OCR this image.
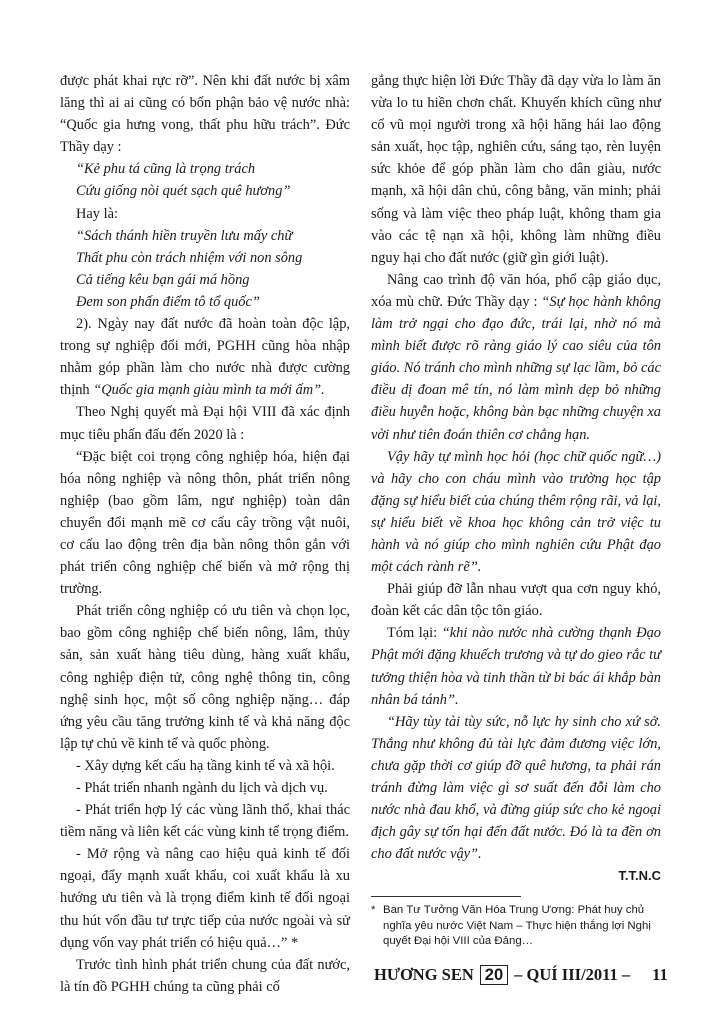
được phát khai rực rỡ”. Nên khi đất nước bị xâm lăng thì ai ai cũng có bổn phận bảo vệ nước nhà: “Quốc gia hưng vong, thất phu hữu trách”. Đức Thầy dạy :

“Kẻ phu tá cũng là trọng trách

Cứu giống nòi quét sạch quê hương”

Hay là:

“Sách thánh hiền truyền lưu mấy chữ

Thất phu còn trách nhiệm với non sông

Cả tiếng kêu bạn gái má hồng

Đem son phấn điểm tô tổ quốc”

2). Ngày nay đất nước đã hoàn toàn độc lập, trong sự nghiệp đổi mới, PGHH cũng hòa nhập nhằm góp phần làm cho nước nhà được cường thịnh “Quốc gia mạnh giàu mình ta mới ấm”.

Theo Nghị quyết mà Đại hội VIII đã xác định mục tiêu phấn đấu đến 2020 là :

“Đặc biệt coi trọng công nghiệp hóa, hiện đại hóa nông nghiệp và nông thôn, phát triển nông nghiệp (bao gồm lâm, ngư nghiệp) toàn dân chuyển đổi mạnh mẽ cơ cấu cây trồng vật nuôi, cơ cấu lao động trên địa bàn nông thôn gắn với phát triển công nghiệp chế biến và mở rộng thị trường.

Phát triển công nghiệp có ưu tiên và chọn lọc, bao gồm công nghiệp chế biến nông, lâm, thủy sản, sản xuất hàng tiêu dùng, hàng xuất khẩu, công nghiệp điện tử, công nghệ thông tin, công nghệ sinh học, một số công nghiệp nặng… đáp ứng yêu cầu tăng trưởng kinh tế và khả năng độc lập tự chủ về kinh tế và quốc phòng.

- Xây dựng kết cấu hạ tầng kinh tế và xã hội.

- Phát triển nhanh ngành du lịch và dịch vụ.

- Phát triển hợp lý các vùng lãnh thổ, khai thác tiềm năng và liên kết các vùng kinh tế trọng điểm.

- Mở rộng và nâng cao hiệu quả kinh tế đối ngoại, đẩy mạnh xuất khẩu, coi xuất khẩu là xu hướng ưu tiên và là trọng điểm kinh tế đối ngoại thu hút vốn đầu tư trực tiếp của nước ngoài và sử dụng vốn vay phát triển có hiệu quả…” *

Trước tình hình phát triển chung của đất nước, là tín đồ PGHH chúng ta cũng phải cố

gắng thực hiện lời Đức Thầy đã dạy vừa lo làm ăn vừa lo tu hiền chơn chất. Khuyến khích cũng như cổ vũ mọi người trong xã hội hăng hái lao động sản xuất, học tập, nghiên cứu, sáng tạo, rèn luyện sức khỏe để góp phần làm cho dân giàu, nước mạnh, xã hội dân chủ, công bằng, văn minh; phải sống và làm việc theo pháp luật, không tham gia vào các tệ nạn xã hội, không làm những điều nguy hại cho đất nước (giữ gìn giới luật).

Nâng cao trình độ văn hóa, phổ cập giáo dục, xóa mù chữ. Đức Thầy dạy : “Sự học hành không làm trở ngại cho đạo đức, trái lại, nhờ nó mà mình biết được rõ ràng giáo lý cao siêu của tôn giáo. Nó tránh cho mình những sự lạc lầm, bỏ các điều dị đoan mê tín, nó làm mình dẹp bỏ những điều huyễn hoặc, không bàn bạc những chuyện xa vời như tiên đoán thiên cơ chẳng hạn.

Vậy hãy tự mình học hỏi (học chữ quốc ngữ…) và hãy cho con cháu mình vào trường học tập đặng sự hiểu biết của chúng thêm rộng rãi, vả lại, sự hiểu biết về khoa học không cản trở việc tu hành và nó giúp cho mình nghiên cứu Phật đạo một cách rành rẽ”.

Phải giúp đỡ lẫn nhau vượt qua cơn nguy khó, đoàn kết các dân tộc tôn giáo.

Tóm lại: “khi nào nước nhà cường thạnh Đạo Phật mới đặng khuếch trương và tự do gieo rắc tư tưởng thiện hòa và tinh thần từ bi bác ái khắp bàn nhân bá tánh”.

“Hãy tùy tài tùy sức, nỗ lực hy sinh cho xứ sở. Thắng như không đủ tài lực đảm đương việc lớn, chưa gặp thời cơ giúp đỡ quê hương, ta phải rán tránh đừng làm việc gì sơ suất đến đỗi làm cho nước nhà đau khổ, và đừng giúp sức cho kẻ ngoại địch gây sự tổn hại đến đất nước. Đó là ta đền ơn cho đất nước vậy”.

T.T.N.C

* Ban Tư Tưởng Văn Hóa Trung Ương: Phát huy chủ nghĩa yêu nước Việt Nam – Thực hiện thắng lợi Nghị quyết Đại hội VIII của Đảng…
HƯƠNG SEN 20 – QUÍ III/2011 – 11
